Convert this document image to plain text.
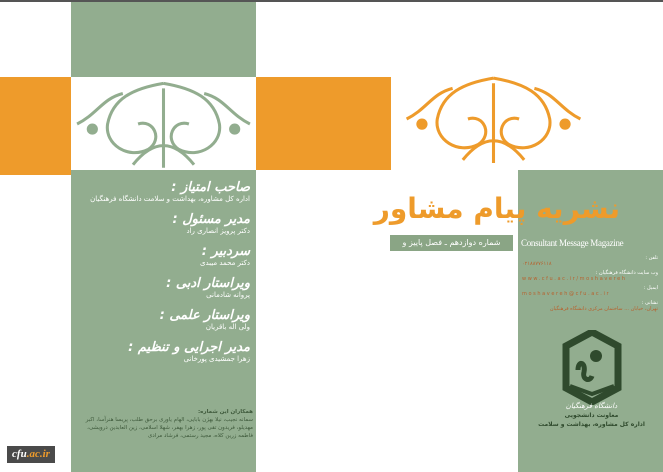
صاحب امتیاز :
اداره کل مشاوره، بهداشت و سلامت دانشگاه فرهنگیان
مدیر مسئول :
دکتر پرویز انصاری راد
سردبیر :
دکتر محمد میبدی
ویراستار ادبی :
پروانه شادمانی
ویراستار علمی :
ولی اله باقریان
مدیر اجرایی و تنظیم :
زهرا جمشیدی پورخانی
همکاران این شماره:
سمانه نجیب، نیلا بهژن بابایی، الهام یاوری برحق طلب، پریسا هنرآسا، اکبر مهدیلو، فریدون تقی پور، زهرا بهفر، شهلا اسلامی، زین العابدین درویشی، فاطمه زرین کلاه، مجید رستمی، فرشاد مرادی
نشریه پیام مشاور
شماره دوازدهم ـ فصل پاییز و زمستان
Consultant Message Magazine
تلفن :
۰۲۱۸۸۷۷۶۱۱۸
وب سایت دانشگاه فرهنگیان :
www.cfu.ac.ir/moshavereh
ایمیل :
moshavereh@cfu.ac.ir
نشانی :
تهران، خیابان ... ساختمان مرکزی دانشگاه فرهنگیان
دانشگاه فرهنگیان
معاونت دانشجویی
اداره کل مشاوره، بهداشت و سلامت
cfu.ac.ir
